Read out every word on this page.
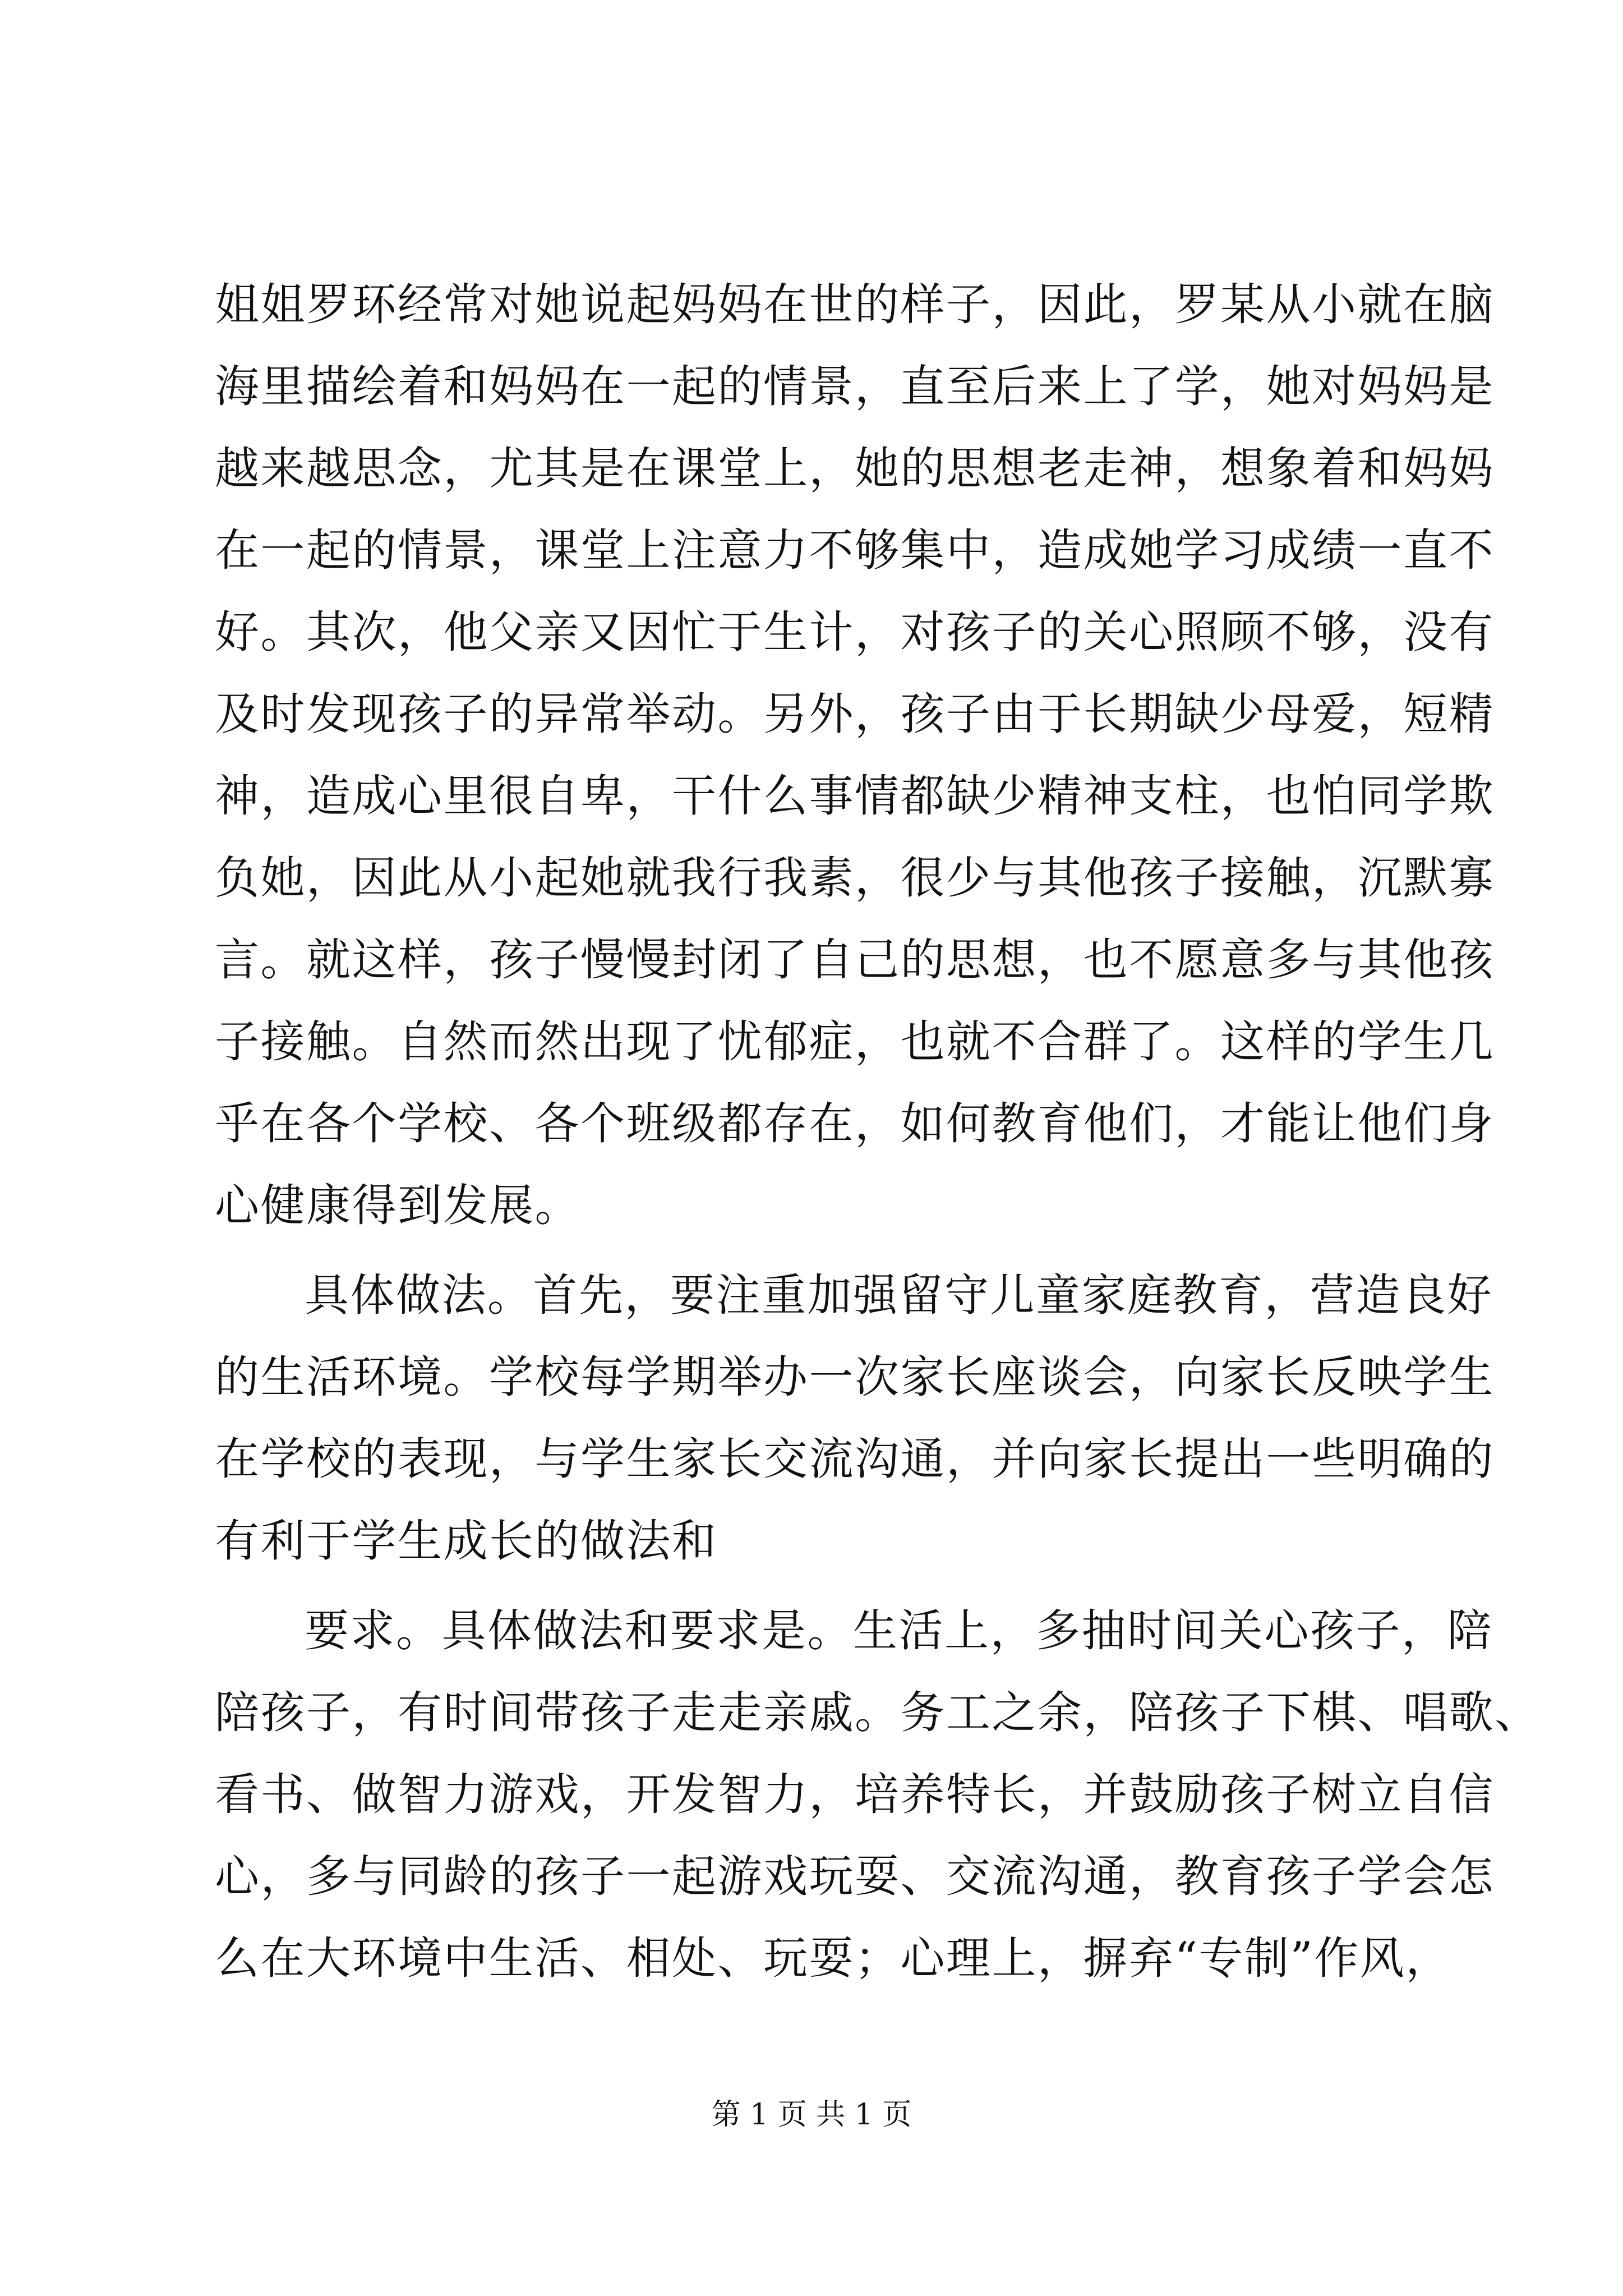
姐姐罗环经常对她说起妈妈在世的样子，因此，罗某从小就在脑
海里描绘着和妈妈在一起的情景，直至后来上了学，她对妈妈是
越来越思念，尤其是在课堂上，她的思想老走神，想象着和妈妈
在一起的情景，课堂上注意力不够集中，造成她学习成绩一直不
好。其次，他父亲又因忙于生计，对孩子的关心照顾不够，没有
及时发现孩子的异常举动。另外，孩子由于长期缺少母爱，短精
神，造成心里很自卑，干什么事情都缺少精神支柱，也怕同学欺
负她，因此从小起她就我行我素，很少与其他孩子接触，沉默寡
言。就这样，孩子慢慢封闭了自己的思想，也不愿意多与其他孩
子接触。自然而然出现了忧郁症，也就不合群了。这样的学生几
乎在各个学校、各个班级都存在，如何教育他们，才能让他们身
心健康得到发展。
具体做法。首先，要注重加强留守儿童家庭教育，营造良好
的生活环境。学校每学期举办一次家长座谈会，向家长反映学生
在学校的表现，与学生家长交流沟通，并向家长提出一些明确的
有利于学生成长的做法和
要求。具体做法和要求是。生活上，多抽时间关心孩子，陪
陪孩子，有时间带孩子走走亲戚。务工之余，陪孩子下棋、唱歌、
看书、做智力游戏，开发智力，培养特长，并鼓励孩子树立自信
心，多与同龄的孩子一起游戏玩耍、交流沟通，教育孩子学会怎
么在大环境中生活、相处、玩耍；心理上，摒弃“专制”作风，
第 1 页 共 1 页
